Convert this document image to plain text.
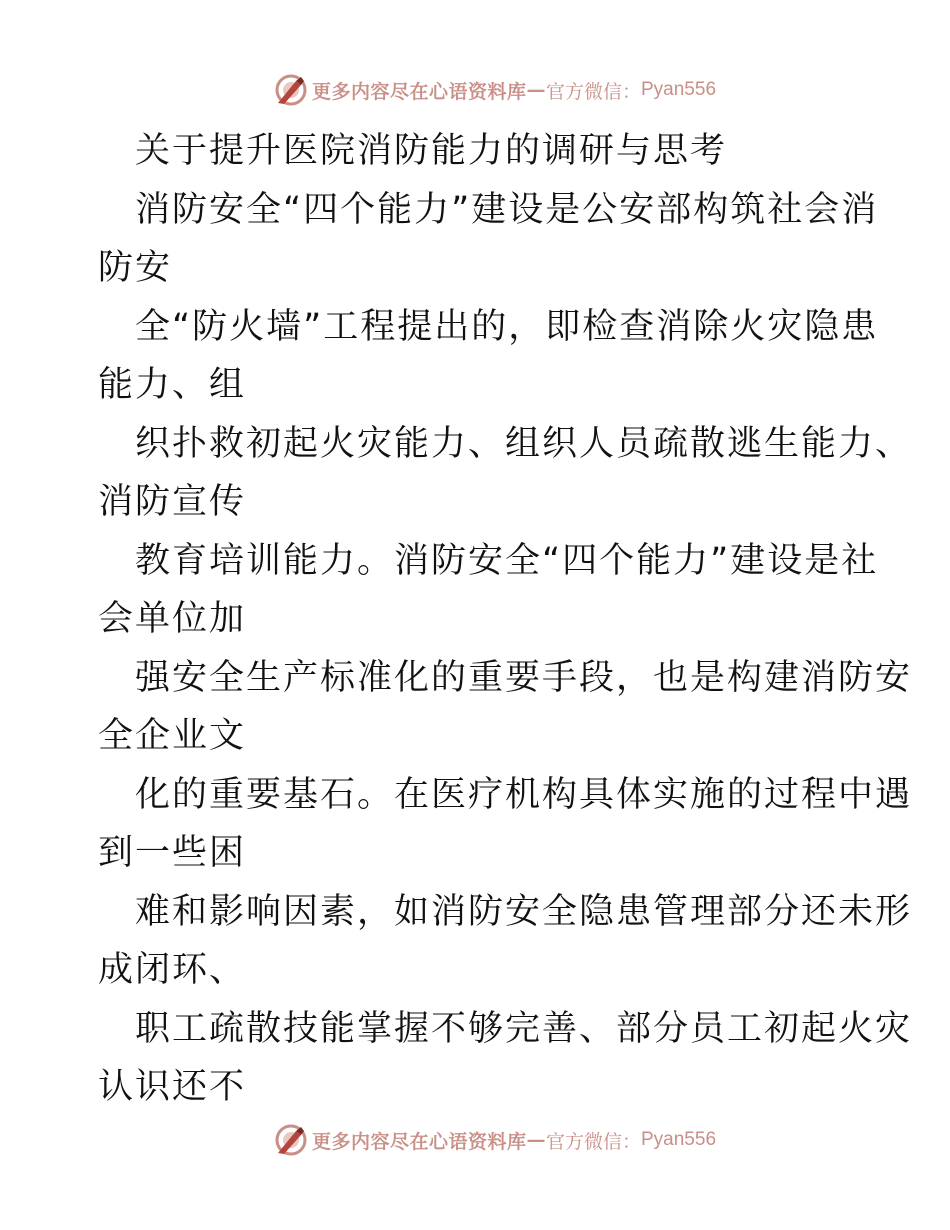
更多内容尽在心语资料库 — 官方微信： Pyan556
关于提升医院消防能力的调研与思考
消防安全“四个能力”建设是公安部构筑社会消
防安
全“防火墙”工程提出的，即检查消除火灾隐患
能力、组
织扑救初起火灾能力、组织人员疏散逃生能力、
消防宣传
教育培训能力。消防安全“四个能力”建设是社
会单位加
强安全生产标准化的重要手段，也是构建消防安
全企业文
化的重要基石。在医疗机构具体实施的过程中遇
到一些困
难和影响因素，如消防安全隐患管理部分还未形
成闭环、
职工疏散技能掌握不够完善、部分员工初起火灾
认识还不
更多内容尽在心语资料库 — 官方微信： Pyan556
